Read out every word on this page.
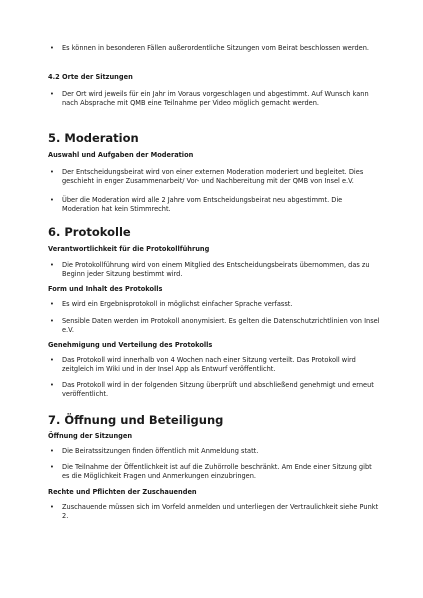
• Es können in besonderen Fällen außerordentliche Sitzungen vom Beirat beschlossen werden.
4.2 Orte der Sitzungen
• Der Ort wird jeweils für ein Jahr im Voraus vorgeschlagen und abgestimmt. Auf Wunsch kann nach Absprache mit QMB eine Teilnahme per Video möglich gemacht werden.
5. Moderation
Auswahl und Aufgaben der Moderation
• Der Entscheidungsbeirat wird von einer externen Moderation moderiert und begleitet. Dies geschieht in enger Zusammenarbeit/ Vor- und Nachbereitung mit der QMB von Insel e.V.
• Über die Moderation wird alle 2 Jahre vom Entscheidungsbeirat neu abgestimmt. Die Moderation hat kein Stimmrecht.
6. Protokolle
Verantwortlichkeit für die Protokollführung
• Die Protokollführung wird von einem Mitglied des Entscheidungsbeirats übernommen, das zu Beginn jeder Sitzung bestimmt wird.
Form und Inhalt des Protokolls
• Es wird ein Ergebnisprotokoll in möglichst einfacher Sprache verfasst.
• Sensible Daten werden im Protokoll anonymisiert. Es gelten die Datenschutzrichtlinien von Insel e.V.
Genehmigung und Verteilung des Protokolls
• Das Protokoll wird innerhalb von 4 Wochen nach einer Sitzung verteilt. Das Protokoll wird zeitgleich im Wiki und in der Insel App als Entwurf veröffentlicht.
• Das Protokoll wird in der folgenden Sitzung überprüft und abschließend genehmigt und erneut veröffentlicht.
7. Öffnung und Beteiligung
Öffnung der Sitzungen
• Die Beiratssitzungen finden öffentlich mit Anmeldung statt.
• Die Teilnahme der Öffentlichkeit ist auf die Zuhörrolle beschränkt. Am Ende einer Sitzung gibt es die Möglichkeit Fragen und Anmerkungen einzubringen.
Rechte und Pflichten der Zuschauenden
• Zuschauende müssen sich im Vorfeld anmelden und unterliegen der Vertraulichkeit siehe Punkt 2.
